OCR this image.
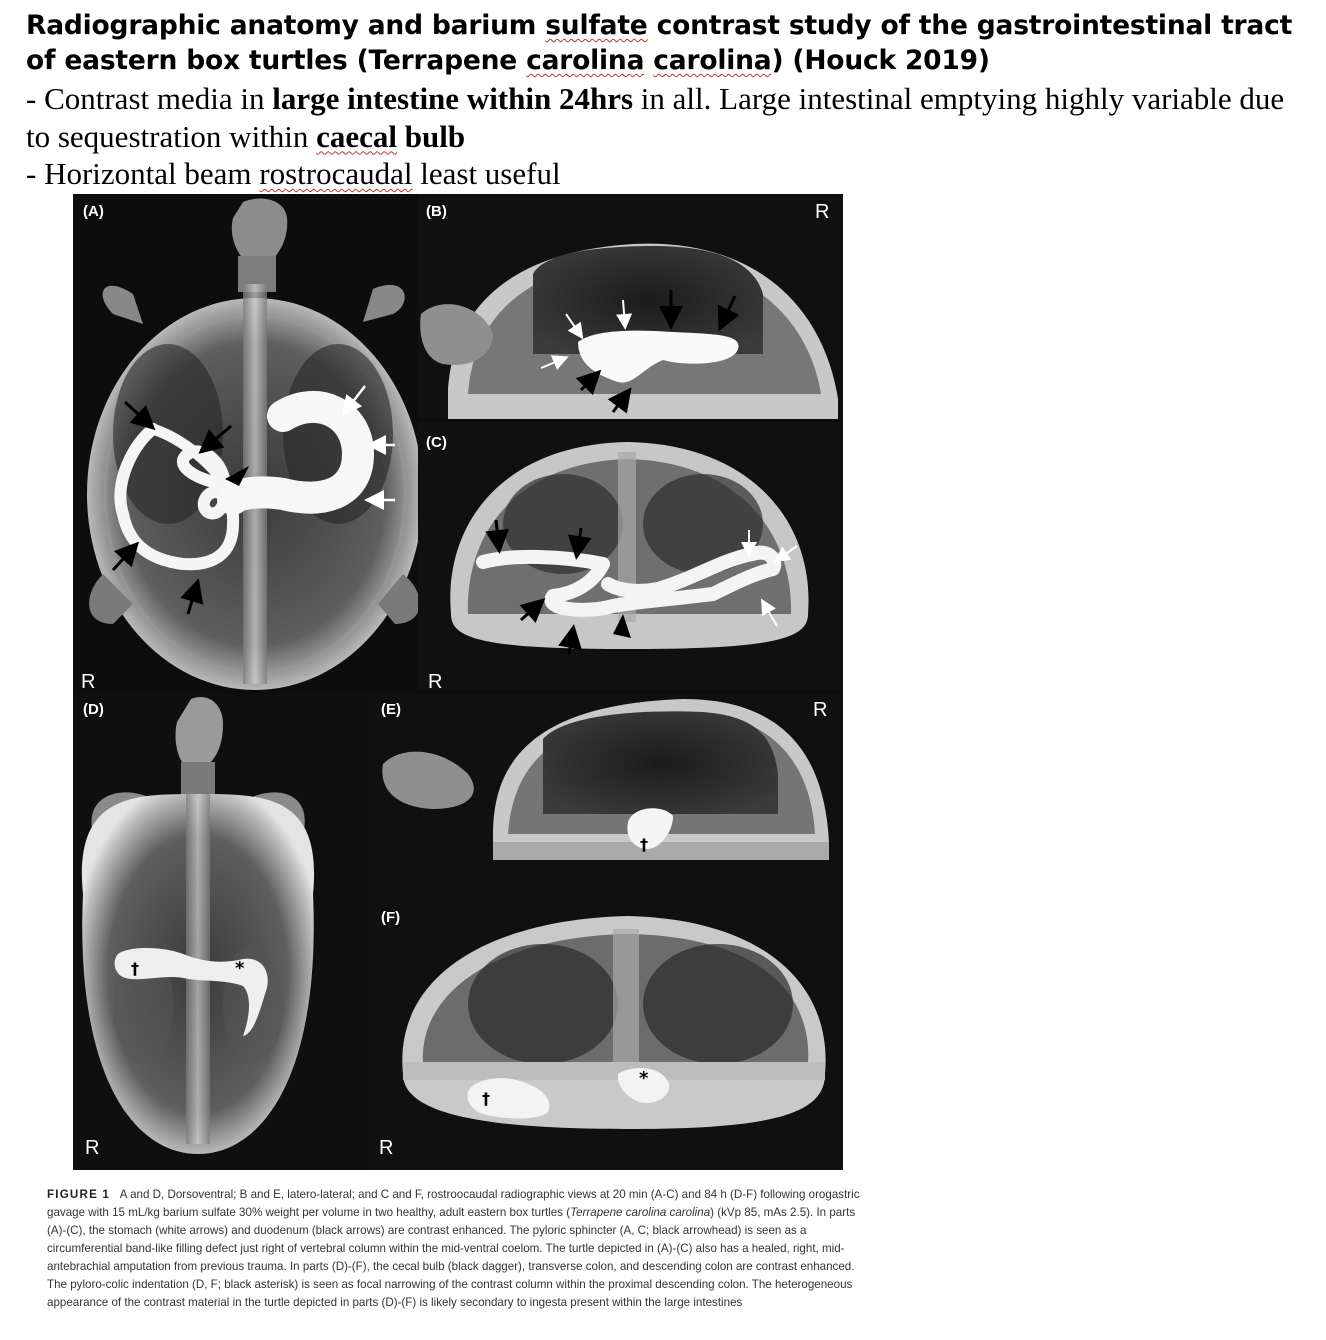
Radiographic anatomy and barium sulfate contrast study of the gastrointestinal tract of eastern box turtles (Terrapene carolina carolina) (Houck 2019)
- Contrast media in large intestine within 24hrs in all. Large intestinal emptying highly variable due to sequestration within caecal bulb
- Horizontal beam rostrocaudal least useful
(A)	(B)
(C)
(D)	(E)
(F)
R
R	R
R
R	R
†	*
†
†
*
FIGURE 1 A and D, Dorsoventral; B and E, latero-lateral; and C and F, rostroocaudal radiographic views at 20 min (A-C) and 84 h (D-F) following orogastric gavage with 15 mL/kg barium sulfate 30% weight per volume in two healthy, adult eastern box turtles (Terrapene carolina carolina) (kVp 85, mAs 2.5). In parts (A)-(C), the stomach (white arrows) and duodenum (black arrows) are contrast enhanced. The pyloric sphincter (A, C; black arrowhead) is seen as a circumferential band-like filling defect just right of vertebral column within the mid-ventral coelom. The turtle depicted in (A)-(C) also has a healed, right, mid-antebrachial amputation from previous trauma. In parts (D)-(F), the cecal bulb (black dagger), transverse colon, and descending colon are contrast enhanced. The pyloro-colic indentation (D, F; black asterisk) is seen as focal narrowing of the contrast column within the proximal descending colon. The heterogeneous appearance of the contrast material in the turtle depicted in parts (D)-(F) is likely secondary to ingesta present within the large intestines
